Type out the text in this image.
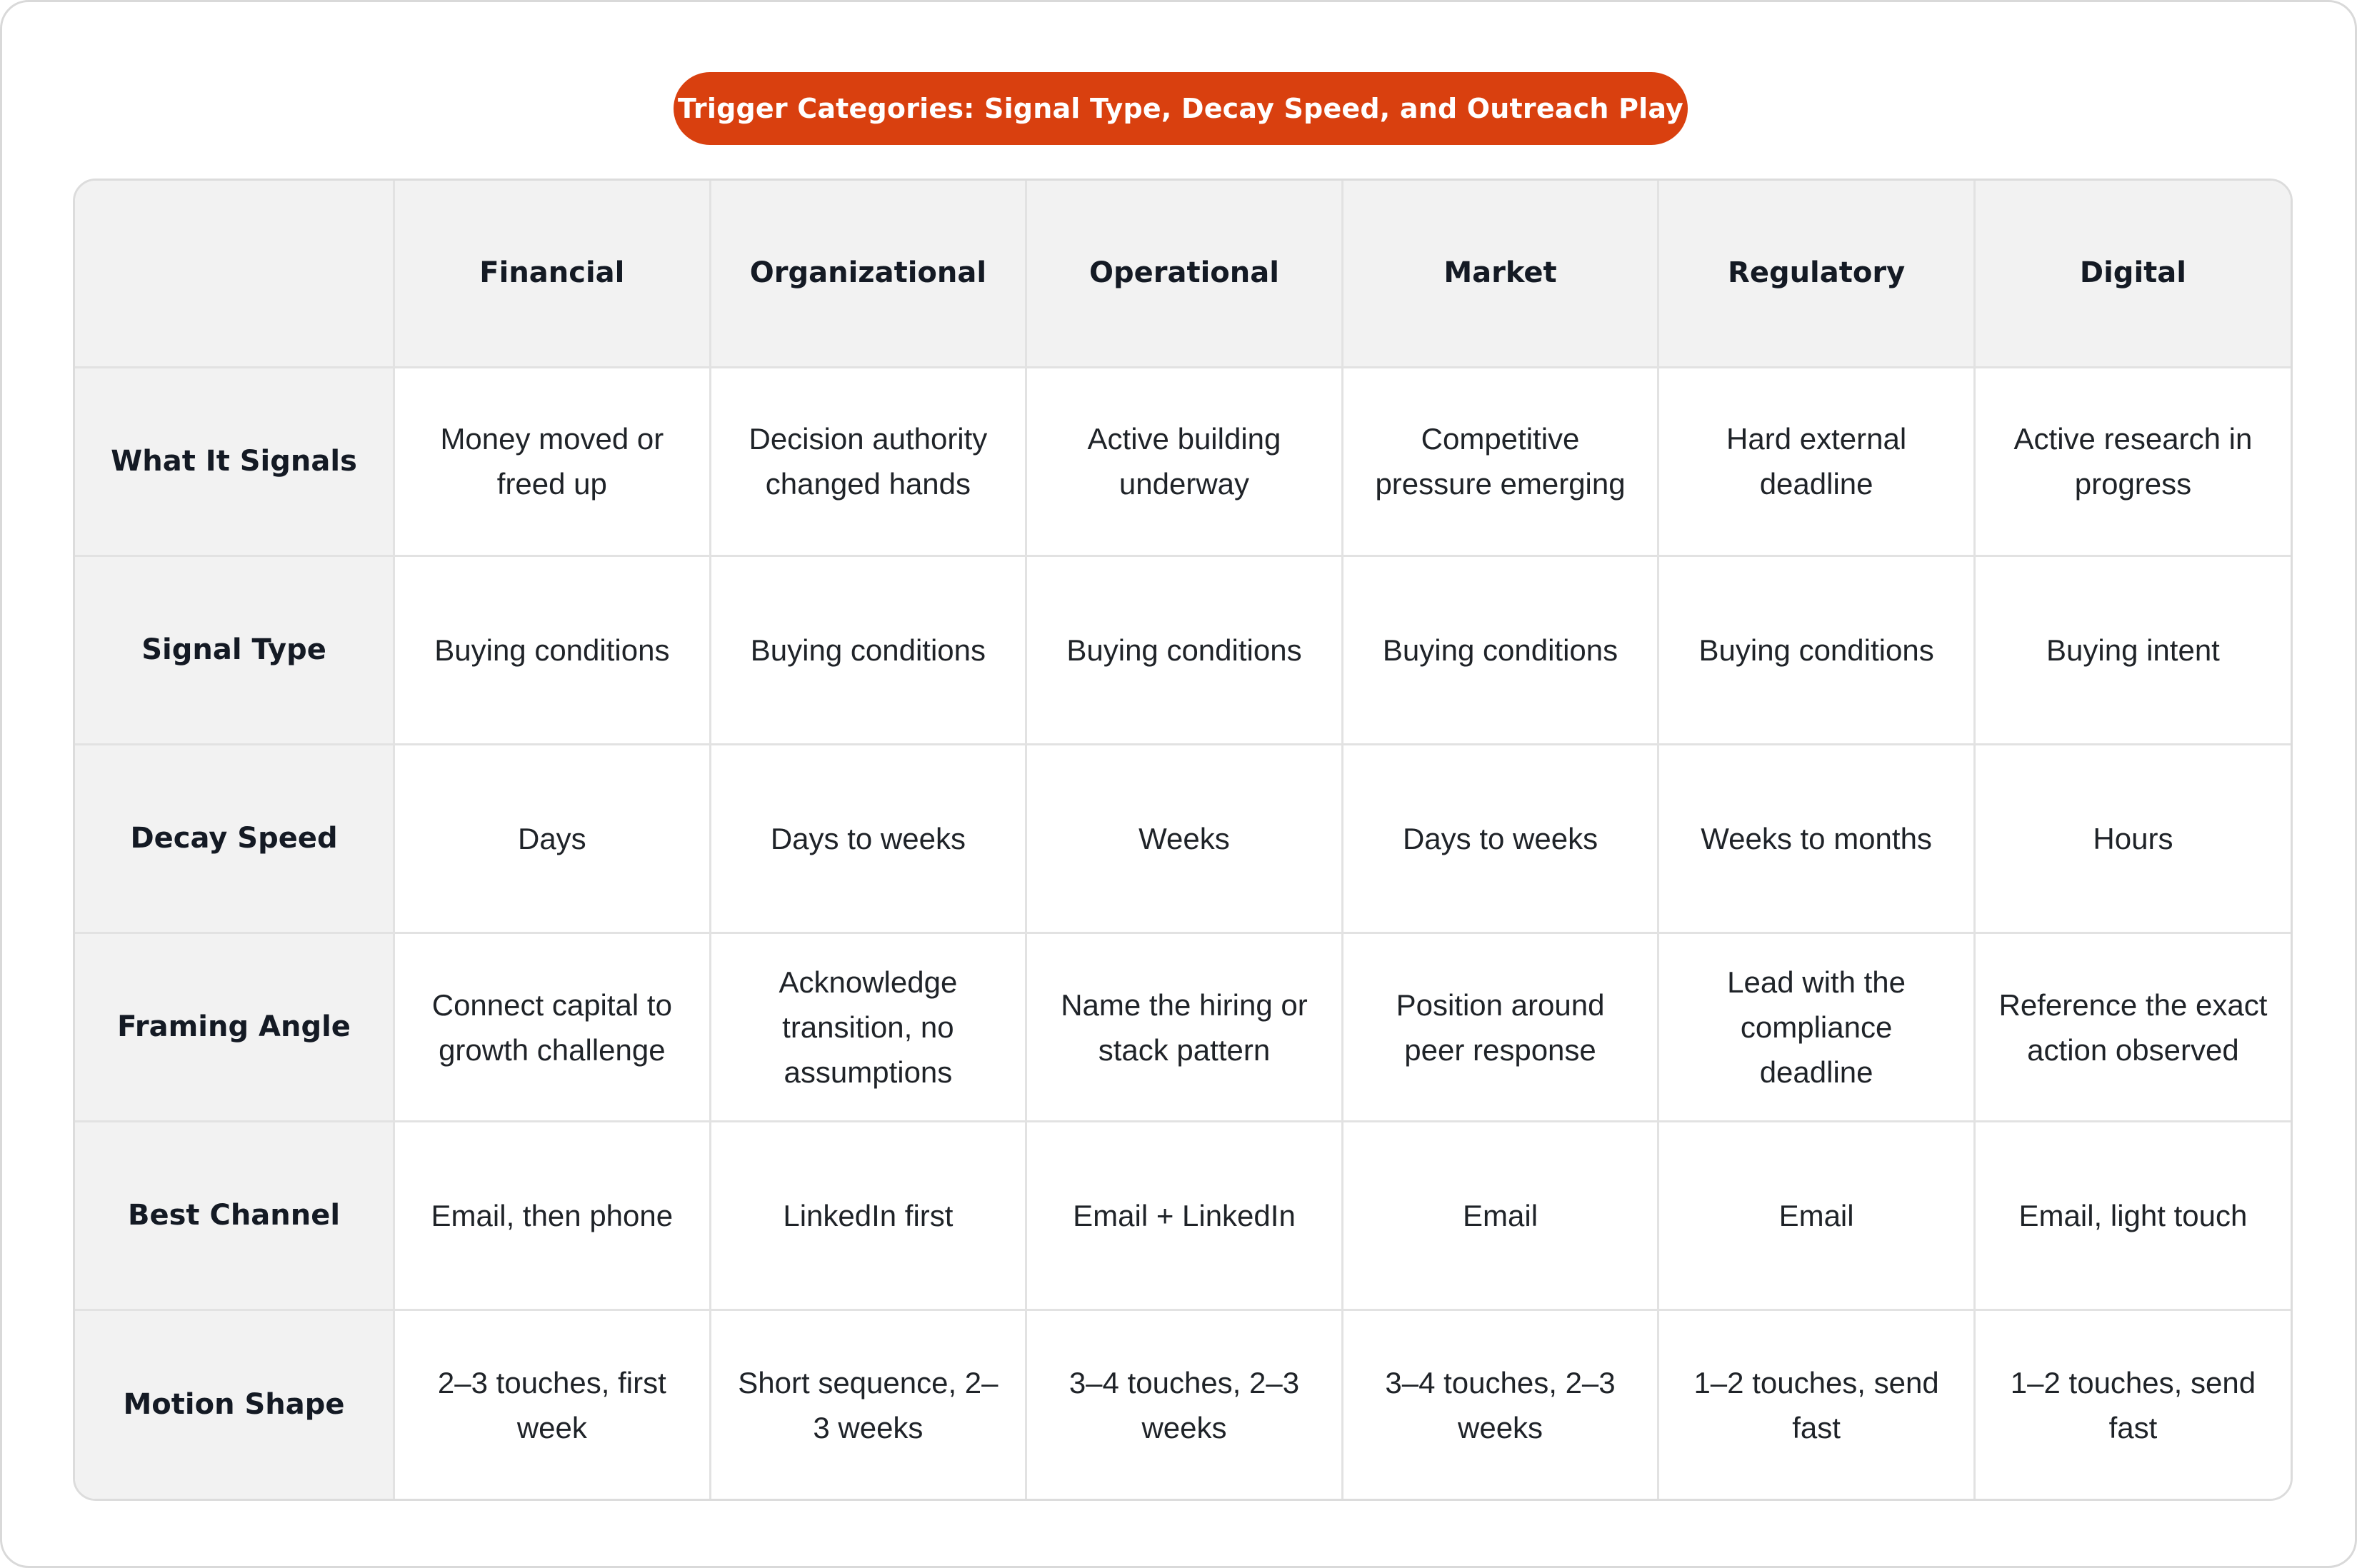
Trigger Categories: Signal Type, Decay Speed, and Outreach Play
	Financial	Organizational	Operational	Market	Regulatory	Digital
What It Signals	Money moved or freed up	Decision authority changed hands	Active building underway	Competitive pressure emerging	Hard external deadline	Active research in progress
Signal Type	Buying conditions	Buying conditions	Buying conditions	Buying conditions	Buying conditions	Buying intent
Decay Speed	Days	Days to weeks	Weeks	Days to weeks	Weeks to months	Hours
Framing Angle	Connect capital to growth challenge	Acknowledge transition, no assumptions	Name the hiring or stack pattern	Position around peer response	Lead with the compliance deadline	Reference the exact action observed
Best Channel	Email, then phone	LinkedIn first	Email + LinkedIn	Email	Email	Email, light touch
Motion Shape	2–3 touches, first week	Short sequence, 2–3 weeks	3–4 touches, 2–3 weeks	3–4 touches, 2–3 weeks	1–2 touches, send fast	1–2 touches, send fast
